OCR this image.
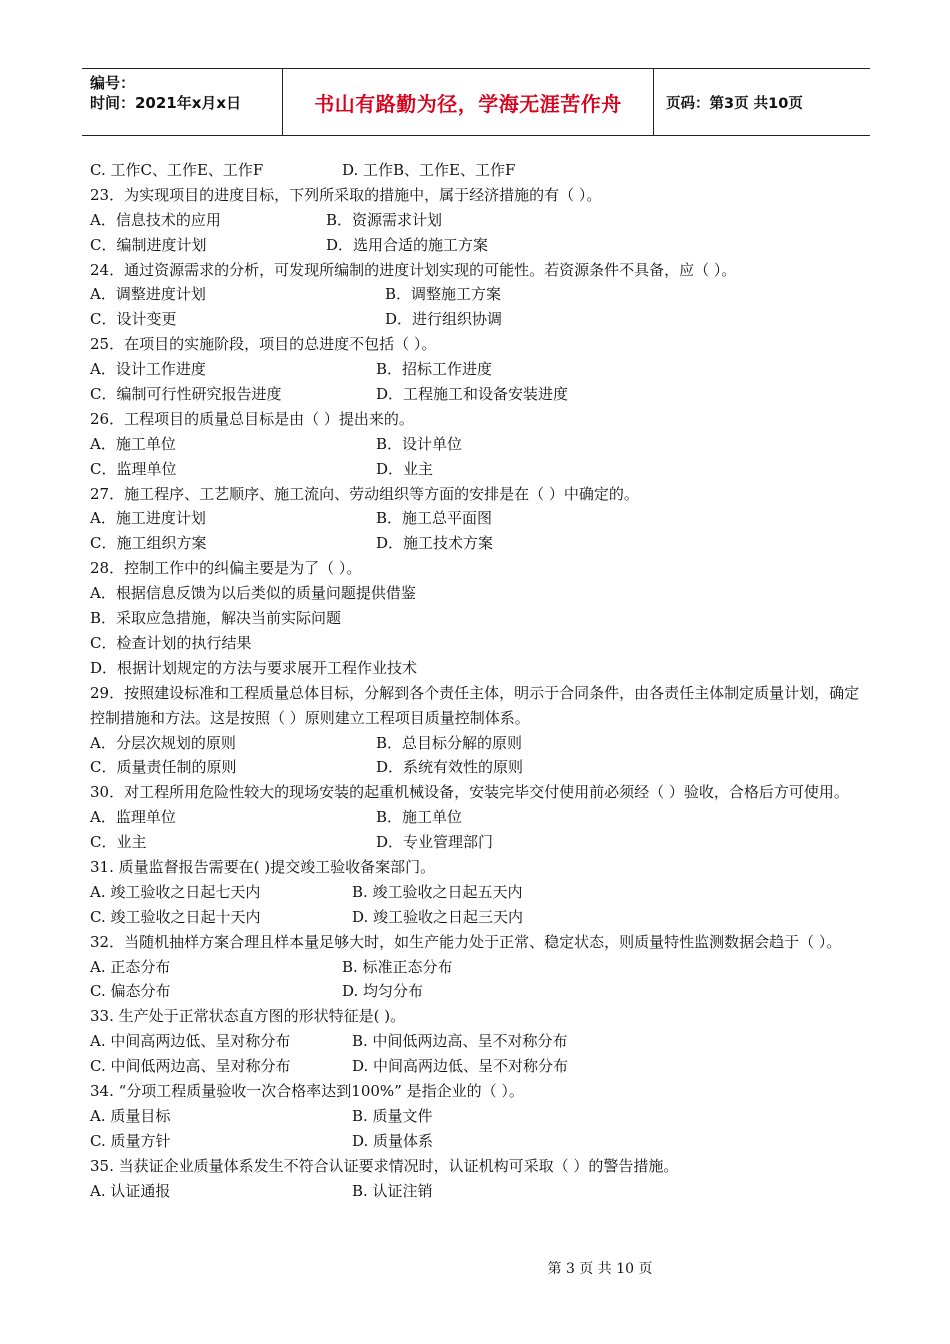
编号：
时间：2021年x月x日	书山有路勤为径，学海无涯苦作舟	页码：第3页 共10页
C. 工作C、工作E、工作F	D. 工作B、工作E、工作F
23．为实现项目的进度目标，下列所采取的措施中，属于经济措施的有（ ）。
A．信息技术的应用	B．资源需求计划
C．编制进度计划	D．选用合适的施工方案
24．通过资源需求的分析，可发现所编制的进度计划实现的可能性。若资源条件不具备，应（ ）。
A．调整进度计划	B．调整施工方案
C．设计变更	D．进行组织协调
25．在项目的实施阶段，项目的总进度不包括（ ）。
A．设计工作进度	B．招标工作进度
C．编制可行性研究报告进度	D．工程施工和设备安装进度
26．工程项目的质量总目标是由（ ）提出来的。
A．施工单位	B．设计单位
C．监理单位	D．业主
27．施工程序、工艺顺序、施工流向、劳动组织等方面的安排是在（ ）中确定的。
A．施工进度计划	B．施工总平面图
C．施工组织方案	D．施工技术方案
28．控制工作中的纠偏主要是为了（ ）。
A．根据信息反馈为以后类似的质量问题提供借鉴
B．采取应急措施，解决当前实际问题
C．检查计划的执行结果
D．根据计划规定的方法与要求展开工程作业技术
29．按照建设标准和工程质量总体目标，分解到各个责任主体，明示于合同条件，由各责任主体制定质量计划，确定控制措施和方法。这是按照（ ）原则建立工程项目质量控制体系。
A．分层次规划的原则	B．总目标分解的原则
C．质量责任制的原则	D．系统有效性的原则
30．对工程所用危险性较大的现场安装的起重机械设备，安装完毕交付使用前必须经（ ）验收，合格后方可使用。
A．监理单位	B．施工单位
C．业主	D．专业管理部门
31. 质量监督报告需要在( )提交竣工验收备案部门。
A. 竣工验收之日起七天内	B. 竣工验收之日起五天内
C. 竣工验收之日起十天内	D. 竣工验收之日起三天内
32．当随机抽样方案合理且样本量足够大时，如生产能力处于正常、稳定状态，则质量特性监测数据会趋于（ ）。
A. 正态分布	B. 标准正态分布
C. 偏态分布	D. 均匀分布
33. 生产处于正常状态直方图的形状特征是( )。
A. 中间高两边低、呈对称分布	B. 中间低两边高、呈不对称分布
C. 中间低两边高、呈对称分布	D. 中间高两边低、呈不对称分布
34. “分项工程质量验收一次合格率达到100%” 是指企业的（ ）。
A. 质量目标	B. 质量文件
C. 质量方针	D. 质量体系
35. 当获证企业质量体系发生不符合认证要求情况时，认证机构可采取（ ）的警告措施。
A. 认证通报	B. 认证注销
第 3 页 共 10 页
